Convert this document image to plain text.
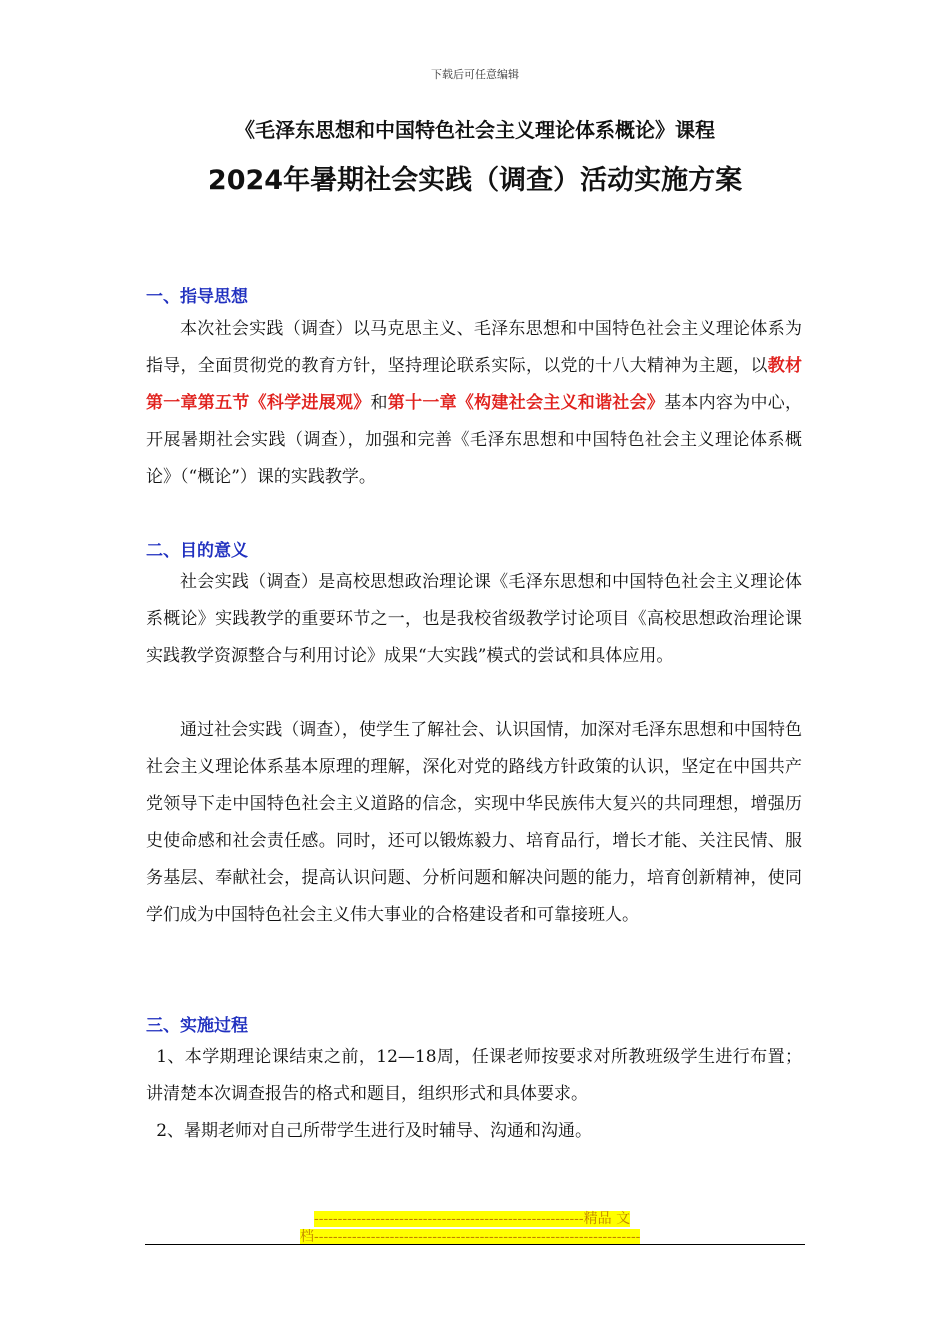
下载后可任意编辑
《毛泽东思想和中国特色社会主义理论体系概论》课程
2024年暑期社会实践（调查）活动实施方案
一、指导思想
本次社会实践（调查）以马克思主义、毛泽东思想和中国特色社会主义理论体系为指导，全面贯彻党的教育方针，坚持理论联系实际，以党的十八大精神为主题，以教材第一章第五节《科学进展观》和第十一章《构建社会主义和谐社会》基本内容为中心，开展暑期社会实践（调查），加强和完善《毛泽东思想和中国特色社会主义理论体系概论》（“概论”）课的实践教学。
二、目的意义
社会实践（调查）是高校思想政治理论课《毛泽东思想和中国特色社会主义理论体系概论》实践教学的重要环节之一，也是我校省级教学讨论项目《高校思想政治理论课实践教学资源整合与利用讨论》成果“大实践”模式的尝试和具体应用。
通过社会实践（调查），使学生了解社会、认识国情，加深对毛泽东思想和中国特色社会主义理论体系基本原理的理解，深化对党的路线方针政策的认识，坚定在中国共产党领导下走中国特色社会主义道路的信念，实现中华民族伟大复兴的共同理想，增强历史使命感和社会责任感。同时，还可以锻炼毅力、培育品行，增长才能、关注民情、服务基层、奉献社会，提高认识问题、分析问题和解决问题的能力，培育创新精神，使同学们成为中国特色社会主义伟大事业的合格建设者和可靠接班人。
三、实施过程
1、本学期理论课结束之前，12—18周，任课老师按要求对所教班级学生进行布置；讲清楚本次调查报告的格式和题目，组织形式和具体要求。
2、暑期老师对自己所带学生进行及时辅导、沟通和沟通。
---------------------------------------------------------精品 文
档---------------------------------------------------------------------
